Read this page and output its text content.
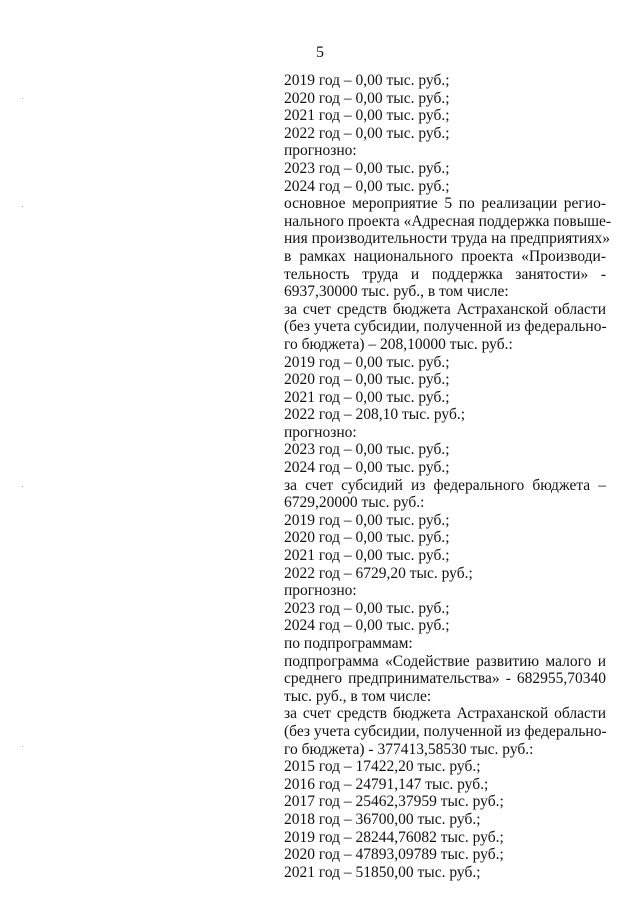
5
2019 год – 0,00 тыс. руб.;
2020 год – 0,00 тыс. руб.;
2021 год – 0,00 тыс. руб.;
2022 год – 0,00 тыс. руб.;
прогнозно:
2023 год – 0,00 тыс. руб.;
2024 год – 0,00 тыс. руб.;
основное мероприятие 5 по реализации регио-
нального проекта «Адресная поддержка повыше-
ния производительности труда на предприятиях»
в рамках национального проекта «Производи-
тельность труда и поддержка занятости» -
6937,30000 тыс. руб., в том числе:
за счет средств бюджета Астраханской области
(без учета субсидии, полученной из федерально-
го бюджета) – 208,10000 тыс. руб.:
2019 год – 0,00 тыс. руб.;
2020 год – 0,00 тыс. руб.;
2021 год – 0,00 тыс. руб.;
2022 год – 208,10 тыс. руб.;
прогнозно:
2023 год – 0,00 тыс. руб.;
2024 год – 0,00 тыс. руб.;
за счет субсидий из федерального бюджета –
6729,20000 тыс. руб.:
2019 год – 0,00 тыс. руб.;
2020 год – 0,00 тыс. руб.;
2021 год – 0,00 тыс. руб.;
2022 год – 6729,20 тыс. руб.;
прогнозно:
2023 год – 0,00 тыс. руб.;
2024 год – 0,00 тыс. руб.;
по подпрограммам:
подпрограмма «Содействие развитию малого и
среднего предпринимательства» - 682955,70340
тыс. руб., в том числе:
за счет средств бюджета Астраханской области
(без учета субсидии, полученной из федерально-
го бюджета) - 377413,58530 тыс. руб.:
2015 год – 17422,20 тыс. руб.;
2016 год – 24791,147 тыс. руб.;
2017 год – 25462,37959 тыс. руб.;
2018 год – 36700,00 тыс. руб.;
2019 год – 28244,76082 тыс. руб.;
2020 год – 47893,09789 тыс. руб.;
2021 год – 51850,00 тыс. руб.;
